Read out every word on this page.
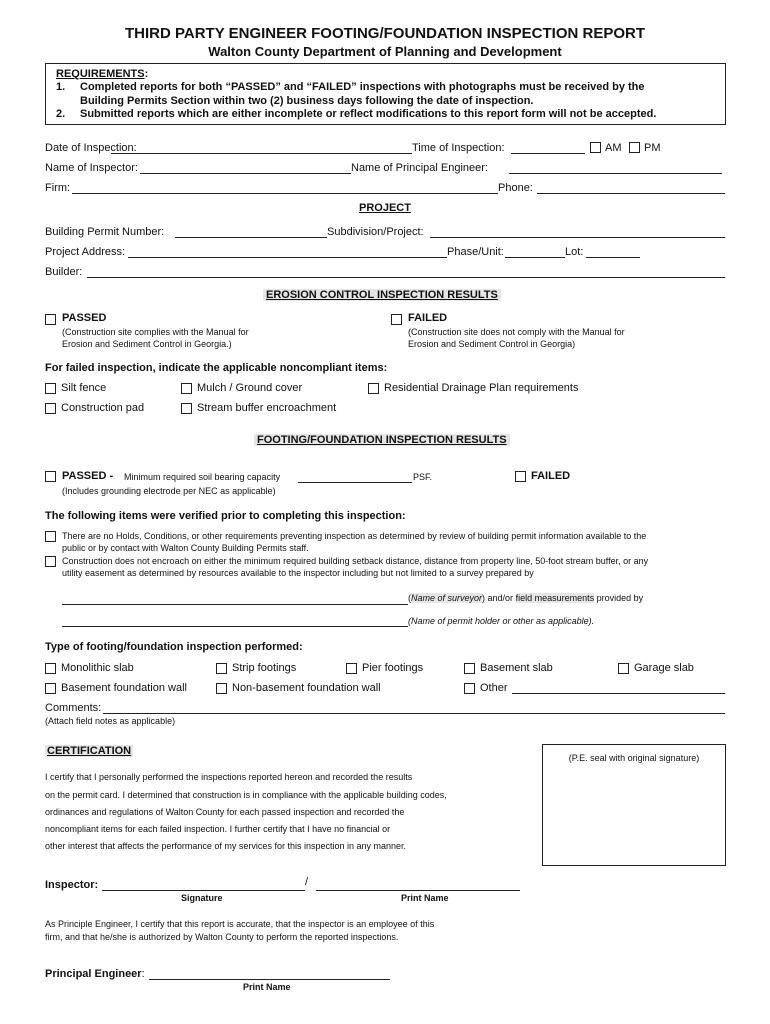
THIRD PARTY ENGINEER FOOTING/FOUNDATION INSPECTION REPORT
Walton County Department of Planning and Development
REQUIREMENTS:
1. Completed reports for both “PASSED” and “FAILED” inspections with photographs must be received by the
Building Permits Section within two (2) business days following the date of inspection.
2. Submitted reports which are either incomplete or reflect modifications to this report form will not be accepted.
Date of Inspection:	Time of Inspection:	AM PM
Name of Inspector:	Name of Principal Engineer:
Firm:	Phone:
PROJECT
Building Permit Number:	Subdivision/Project:
Project Address:	Phase/Unit:	Lot:
Builder:
EROSION CONTROL INSPECTION RESULTS
PASSED
(Construction site complies with the Manual for
Erosion and Sediment Control in Georgia.)
FAILED
(Construction site does not comply with the Manual for
Erosion and Sediment Control in Georgia)
For failed inspection, indicate the applicable noncompliant items:
Silt fence	Mulch / Ground cover	Residential Drainage Plan requirements
Construction pad	Stream buffer encroachment
FOOTING/FOUNDATION INSPECTION RESULTS
PASSED - Minimum required soil bearing capacity	PSF.
(Includes grounding electrode per NEC as applicable)
FAILED
The following items were verified prior to completing this inspection:
There are no Holds, Conditions, or other requirements preventing inspection as determined by review of building permit information available to the
public or by contact with Walton County Building Permits staff.
Construction does not encroach on either the minimum required building setback distance, distance from property line, 50-foot stream buffer, or any
utility easement as determined by resources available to the inspector including but not limited to a survey prepared by
(Name of surveyor) and/or field measurements provided by
(Name of permit holder or other as applicable).
Type of footing/foundation inspection performed:
Monolithic slab	Strip footings	Pier footings	Basement slab	Garage slab
Basement foundation wall	Non-basement foundation wall	Other
Comments:
(Attach field notes as applicable)
CERTIFICATION
(P.E. seal with original signature)
I certify that I personally performed the inspections reported hereon and recorded the results
on the permit card. I determined that construction is in compliance with the applicable building codes,
ordinances and regulations of Walton County for each passed inspection and recorded the
noncompliant items for each failed inspection. I further certify that I have no financial or
other interest that affects the performance of my services for this inspection in any manner.
Inspector:	/
Signature	Print Name
As Principle Engineer, I certify that this report is accurate, that the inspector is an employee of this
firm, and that he/she is authorized by Walton County to perform the reported inspections.
Principal Engineer:
Print Name
